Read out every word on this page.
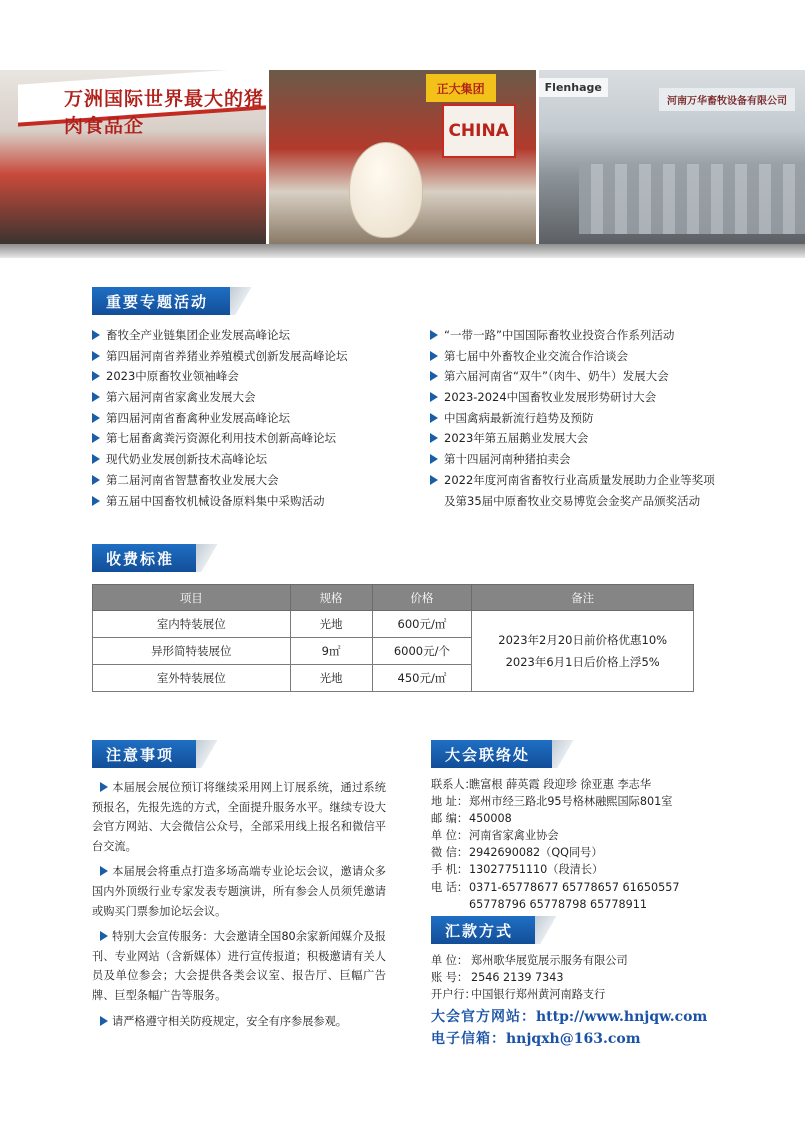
万洲国际世界最大的猪肉食品企
正大集团
CHINA
Flenhage
河南万华畜牧设备有限公司
重要专题活动
畜牧全产业链集团企业发展高峰论坛
第四届河南省养猪业养殖模式创新发展高峰论坛
2023中原畜牧业领袖峰会
第六届河南省家禽业发展大会
第四届河南省畜禽种业发展高峰论坛
第七届畜禽粪污资源化利用技术创新高峰论坛
现代奶业发展创新技术高峰论坛
第二届河南省智慧畜牧业发展大会
第五届中国畜牧机械设备原料集中采购活动
“一带一路”中国国际畜牧业投资合作系列活动
第七届中外畜牧企业交流合作洽谈会
第六届河南省“双牛”（肉牛、奶牛）发展大会
2023-2024中国畜牧业发展形势研讨大会
中国禽病最新流行趋势及预防
2023年第五届鹅业发展大会
第十四届河南种猪拍卖会
2022年度河南省畜牧行业高质量发展助力企业等奖项
及第35届中原畜牧业交易博览会金奖产品颁奖活动
收费标准
项目	规格	价格	备注
室内特装展位	光地	600元/㎡	2023年2月20日前价格优惠10%
2023年6月1日后价格上浮5%

异形简特装展位	9㎡	6000元/个	
室外特装展位	光地	450元/㎡	
注意事项

本届展会展位预订将继续采用网上订展系统，通过系统预报名，先报先选的方式，全面提升服务水平。继续专设大会官方网站、大会微信公众号，全部采用线上报名和微信平台交流。

本届展会将重点打造多场高端专业论坛会议，邀请众多国内外顶级行业专家发表专题演讲，所有参会人员须凭邀请或购买门票参加论坛会议。

特别大会宣传服务：大会邀请全国80余家新闻媒介及报刊、专业网站（含新媒体）进行宣传报道；积极邀请有关人员及单位参会；大会提供各类会议室、报告厅、巨幅广告牌、巨型条幅广告等服务。

请严格遵守相关防疫规定，安全有序参展参观。

大会联络处
联系人：
瞧富根 薛英霞 段迎珍 徐亚惠 李志华
地 址： 郑州市经三路北95号格林融熙国际801室
邮 编： 450008
单 位： 河南省家禽业协会
微 信： 2942690082（QQ同号）
手 机： 13027751110（段清长）
电 话： 0371-65778677 65778657 61650557
65778796 65778798 65778911
汇款方式
单 位： 郑州歌华展览展示服务有限公司
账 号： 2546 2139 7343
开户行：
中国银行郑州黄河南路支行
大会官方网站：http://www.hnjqw.com
电子信箱：hnjqxh@163.com
